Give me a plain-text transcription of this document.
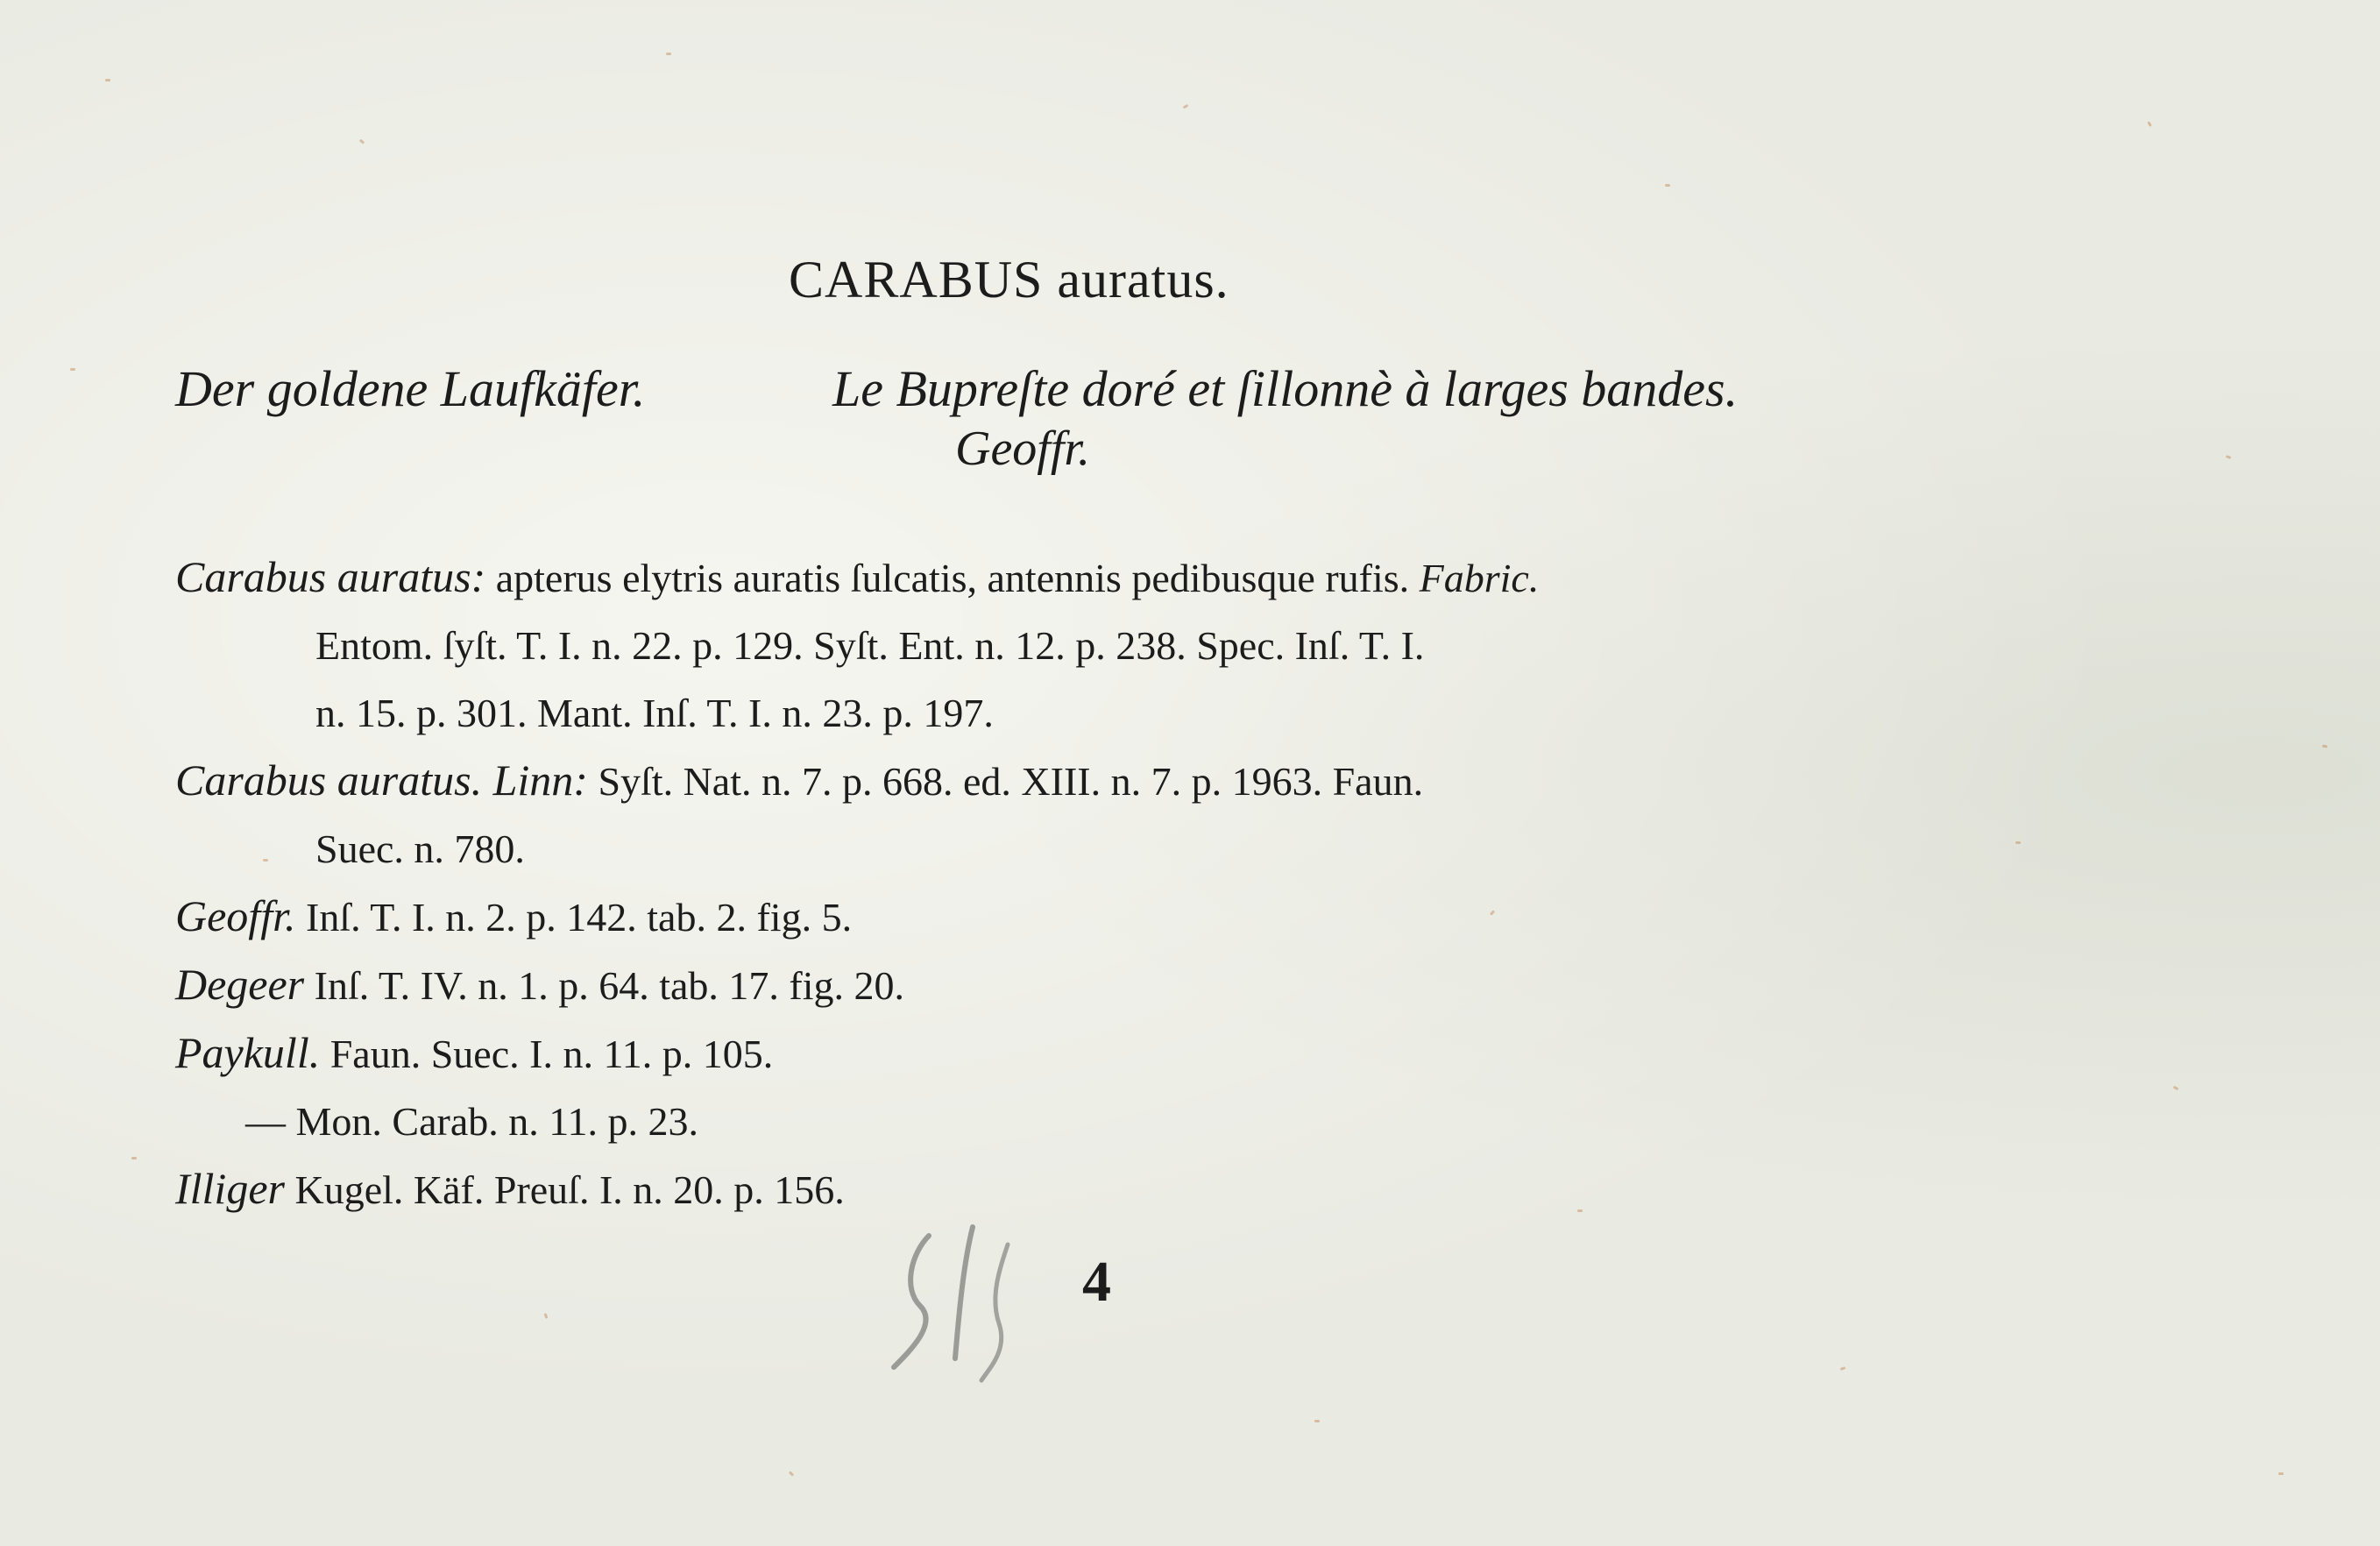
CARABUS auratus.
Der goldene Laufkäfer.	Le Bupreſte doré et ſillonnè à larges bandes.
Geoffr.
Carabus auratus: apterus elytris auratis ſulcatis, antennis pedibusque rufis. Fabric.
Entom. ſyſt. T. I. n. 22. p. 129. Syſt. Ent. n. 12. p. 238. Spec. Inſ. T. I.
n. 15. p. 301. Mant. Inſ. T. I. n. 23. p. 197.
Carabus auratus. Linn: Syſt. Nat. n. 7. p. 668. ed. XIII. n. 7. p. 1963. Faun.
Suec. n. 780.
Geoffr. Inſ. T. I. n. 2. p. 142. tab. 2. fig. 5.
Degeer Inſ. T. IV. n. 1. p. 64. tab. 17. fig. 20.
Paykull. Faun. Suec. I. n. 11. p. 105.
— Mon. Carab. n. 11. p. 23.
Illiger Kugel. Käf. Preuſ. I. n. 20. p. 156.
4
